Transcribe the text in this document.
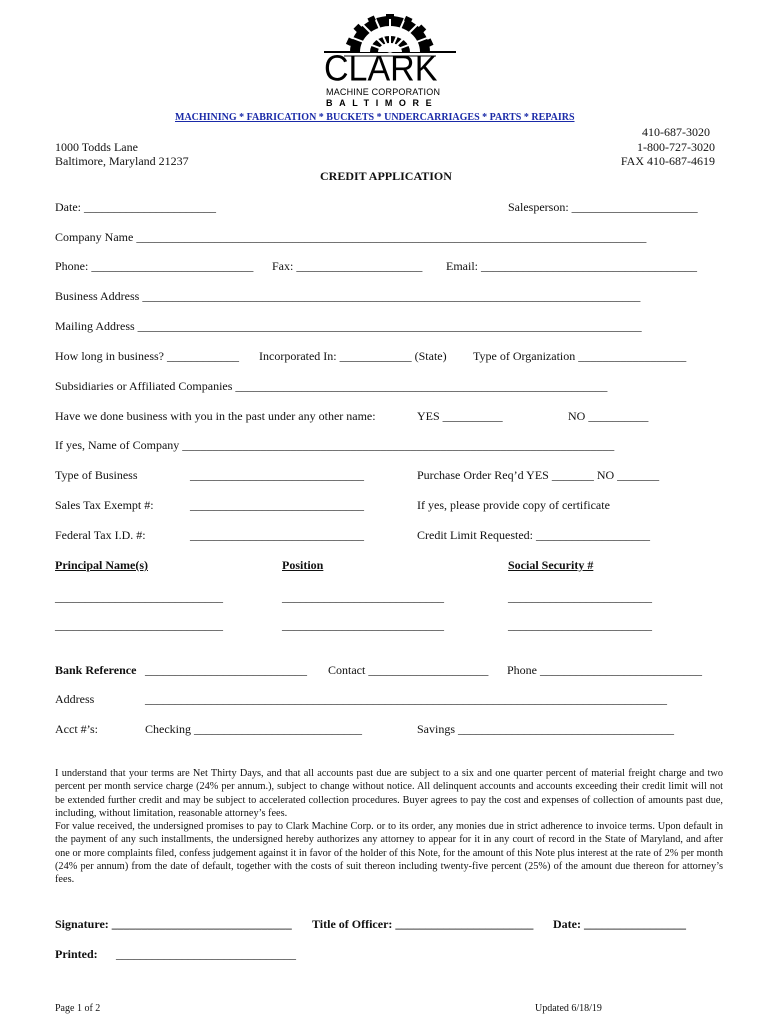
CLARK
MACHINE CORPORATION
BALTIMORE
MACHINING * FABRICATION * BUCKETS * UNDERCARRIAGES * PARTS * REPAIRS
1000 Todds Lane
Baltimore, Maryland 21237
410-687-3020
1-800-727-3020
FAX 410-687-4619
CREDIT APPLICATION
Date: ______________________	Salesperson: _____________________
Company Name _____________________________________________________________________________________
Phone: ___________________________ Fax: _____________________ Email: ____________________________________
Business Address ___________________________________________________________________________________
Mailing Address ____________________________________________________________________________________
How long in business? ____________ Incorporated In: ____________ (State) Type of Organization __________________
Subsidiaries or Affiliated Companies ______________________________________________________________
Have we done business with you in the past under any other name:	YES __________	NO __________
If yes, Name of Company ________________________________________________________________________
Type of Business	_____________________________	Purchase Order Req’d YES _______ NO _______
Sales Tax Exempt #:	_____________________________	If yes, please provide copy of certificate
Federal Tax I.D. #:	_____________________________	Credit Limit Requested: ___________________
Principal Name(s)	Position	Social Security #
____________________________	___________________________	________________________
____________________________	___________________________	________________________
Bank Reference ___________________________ Contact ____________________ Phone ___________________________
Address	_______________________________________________________________________________________
Acct #’s:	Checking ____________________________	Savings ____________________________________

I understand that your terms are Net Thirty Days, and that all accounts past due are subject to a six and one quarter percent of material freight charge and two percent per month service charge (24% per annum.), subject to change without notice. All delinquent accounts and accounts exceeding their credit limit will not be extended further credit and may be subject to accelerated collection procedures. Buyer agrees to pay the cost and expenses of collection of amounts past due, including, without limitation, reasonable attorney’s fees.

For value received, the undersigned promises to pay to Clark Machine Corp. or to its order, any monies due in strict adherence to invoice terms. Upon default in the payment of any such installments, the undersigned hereby authorizes any attorney to appear for it in any court of record in the State of Maryland, and after one or more complaints filed, confess judgement against it in favor of the holder of this Note, for the amount of this Note plus interest at the rate of 2% per month (24% per annum) from the date of default, together with the costs of suit thereon including twenty-five percent (25%) of the amount due thereon for attorney’s fees.

Signature: ______________________________ Title of Officer: _______________________ Date: _________________
Printed: ______________________________
Page 1 of 2	Updated 6/18/19
